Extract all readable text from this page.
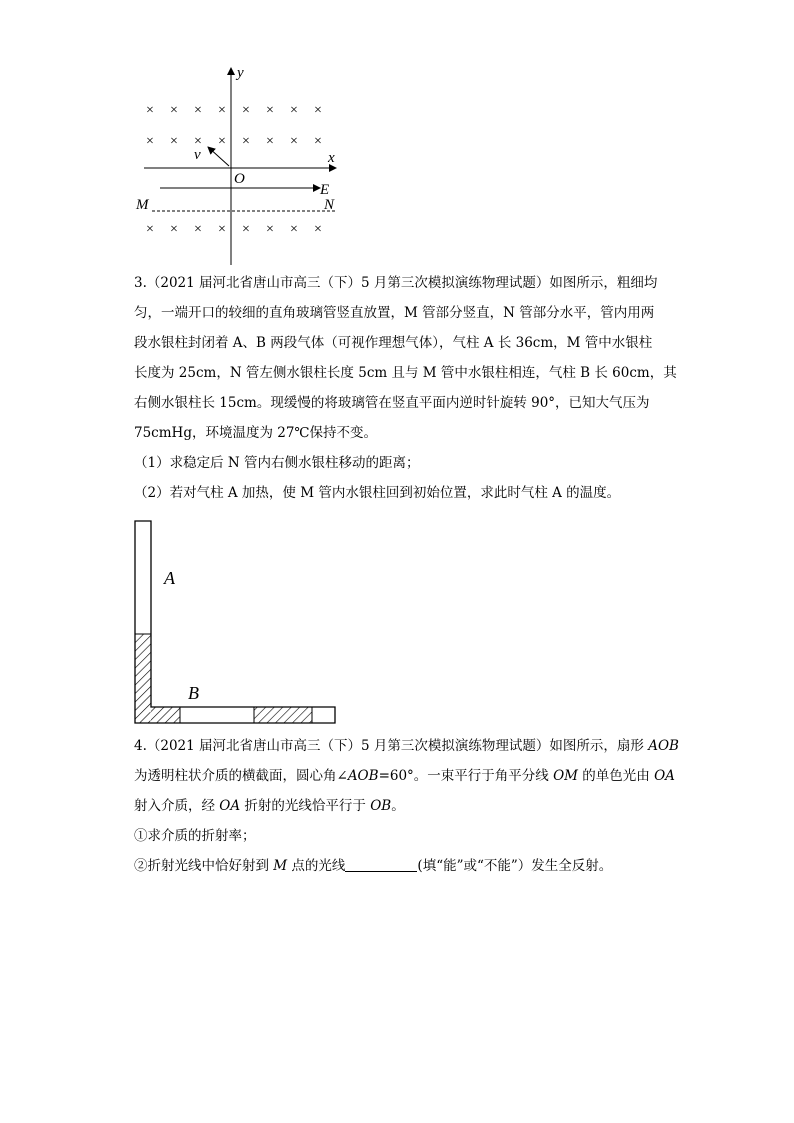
× × × × × × × ×
× × × × × × × ×
× × × × × × × ×
y
x
v
O
E
M	N
3.（2021 届河北省唐山市高三（下）5 月第三次模拟演练物理试题）如图所示，粗细均
匀，一端开口的较细的直角玻璃管竖直放置，M 管部分竖直，N 管部分水平，管内用两
段水银柱封闭着 A、B 两段气体（可视作理想气体），气柱 A 长 36cm，M 管中水银柱
长度为 25cm，N 管左侧水银柱长度 5cm 且与 M 管中水银柱相连，气柱 B 长 60cm，其
右侧水银柱长 15cm。现缓慢的将玻璃管在竖直平面内逆时针旋转 90°，已知大气压为
75cmHg，环境温度为 27℃保持不变。
（1）求稳定后 N 管内右侧水银柱移动的距离；
（2）若对气柱 A 加热，使 M 管内水银柱回到初始位置，求此时气柱 A 的温度。
A
B
4.（2021 届河北省唐山市高三（下）5 月第三次模拟演练物理试题）如图所示，扇形 AOB
为透明柱状介质的横截面，圆心角∠AOB=60°。一束平行于角平分线 OM 的单色光由 OA
射入介质，经 OA 折射的光线恰平行于 OB。
①求介质的折射率；
②折射光线中恰好射到 M 点的光线	(填“能”或“不能”）发生全反射。
